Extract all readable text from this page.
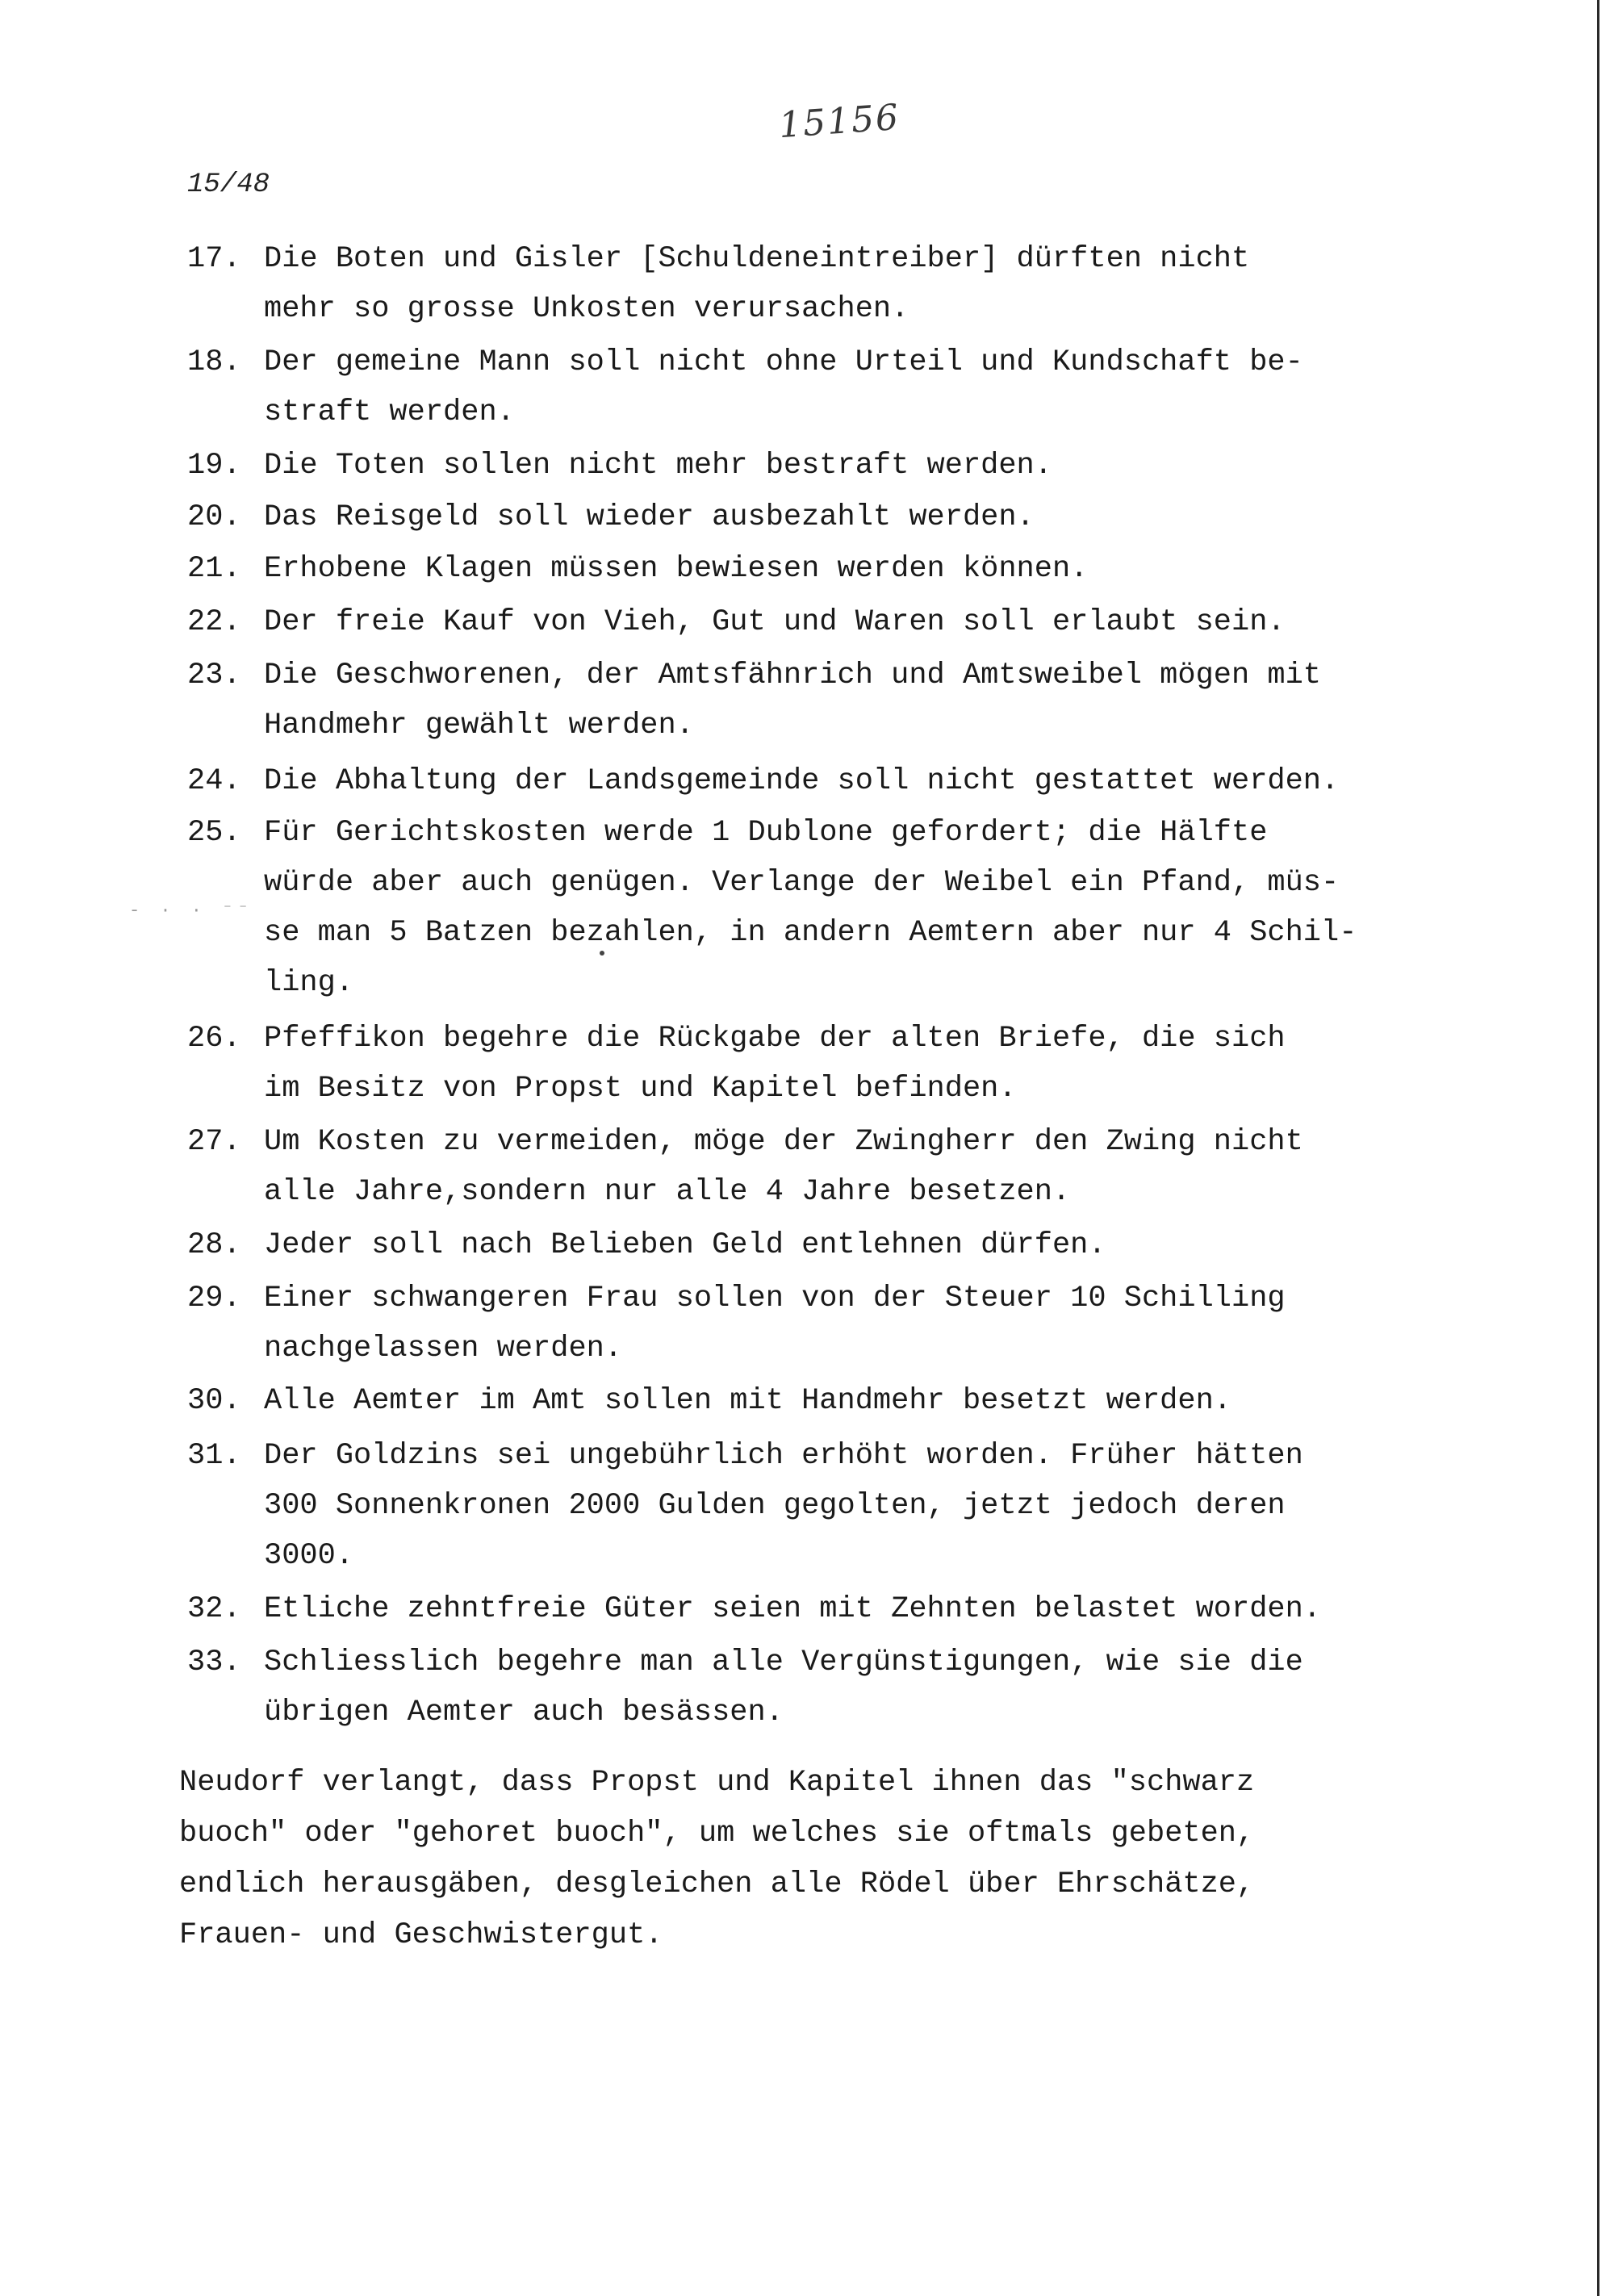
15156
15/48
- · · ⁻⁻
17. Die Boten und Gisler [Schuldeneintreiber] dürften nicht
mehr so grosse Unkosten verursachen.
18. Der gemeine Mann soll nicht ohne Urteil und Kundschaft be-
straft werden.
19. Die Toten sollen nicht mehr bestraft werden.
20. Das Reisgeld soll wieder ausbezahlt werden.
21. Erhobene Klagen müssen bewiesen werden können.
22. Der freie Kauf von Vieh, Gut und Waren soll erlaubt sein.
23. Die Geschworenen, der Amtsfähnrich und Amtsweibel mögen mit
Handmehr gewählt werden.
24. Die Abhaltung der Landsgemeinde soll nicht gestattet werden.
25. Für Gerichtskosten werde 1 Dublone gefordert; die Hälfte
würde aber auch genügen. Verlange der Weibel ein Pfand, müs-
se man 5 Batzen bezahlen, in andern Aemtern aber nur 4 Schil-
ling.
26. Pfeffikon begehre die Rückgabe der alten Briefe, die sich
im Besitz von Propst und Kapitel befinden.
27. Um Kosten zu vermeiden, möge der Zwingherr den Zwing nicht
alle Jahre,sondern nur alle 4 Jahre besetzen.
28. Jeder soll nach Belieben Geld entlehnen dürfen.
29. Einer schwangeren Frau sollen von der Steuer 10 Schilling
nachgelassen werden.
30. Alle Aemter im Amt sollen mit Handmehr besetzt werden.
31. Der Goldzins sei ungebührlich erhöht worden. Früher hätten
300 Sonnenkronen 2000 Gulden gegolten, jetzt jedoch deren
3000.
32. Etliche zehntfreie Güter seien mit Zehnten belastet worden.
33. Schliesslich begehre man alle Vergünstigungen, wie sie die
übrigen Aemter auch besässen.
Neudorf verlangt, dass Propst und Kapitel ihnen das "schwarz
buoch" oder "gehoret buoch", um welches sie oftmals gebeten,
endlich herausgäben, desgleichen alle Rödel über Ehrschätze,
Frauen- und Geschwistergut.
